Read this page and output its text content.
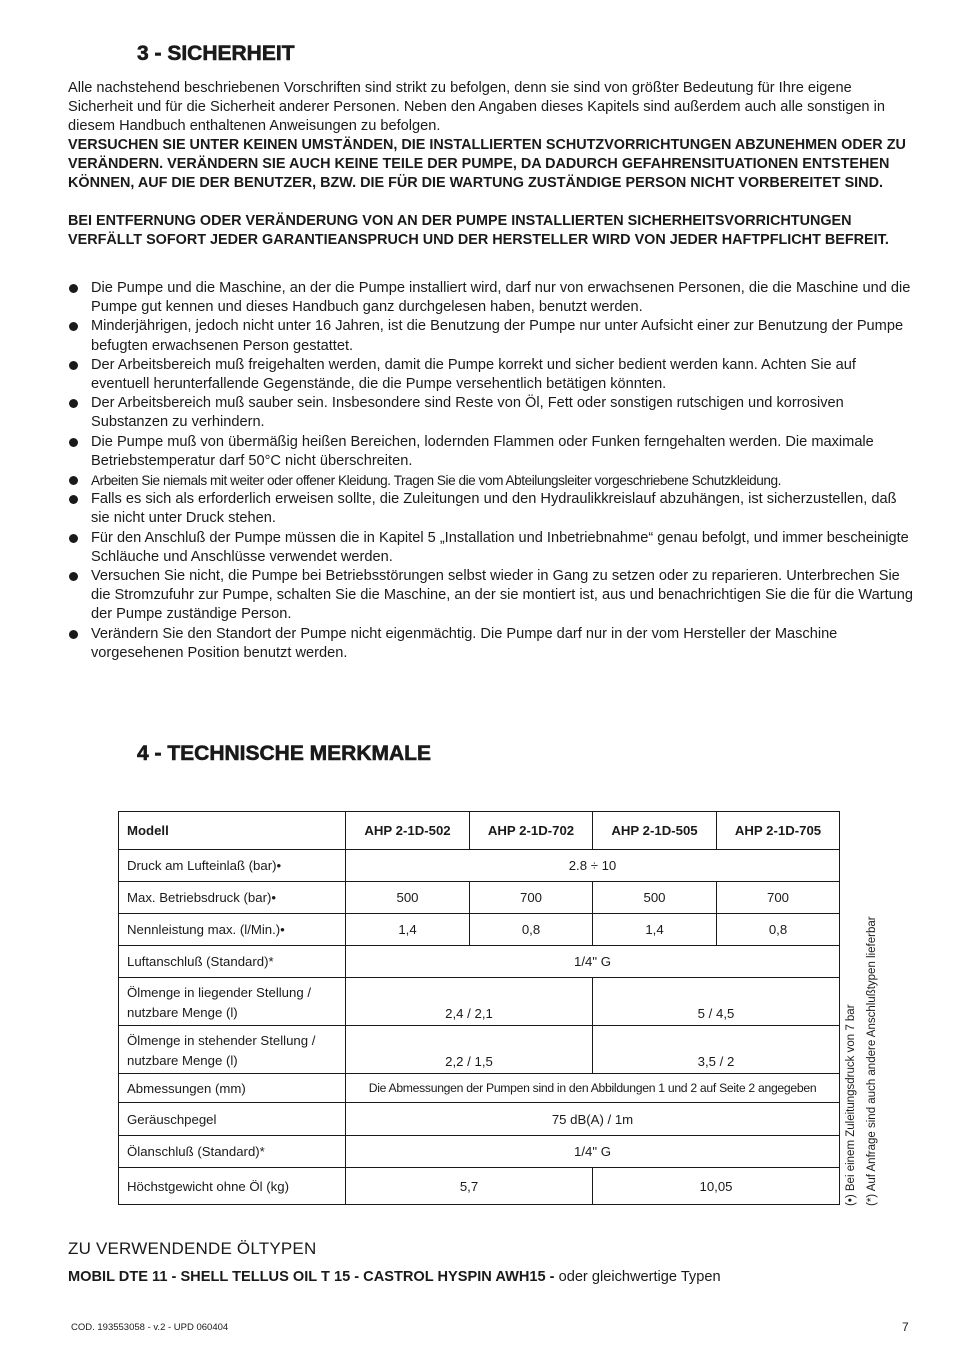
3 - SICHERHEIT

Alle nachstehend beschriebenen Vorschriften sind strikt zu befolgen, denn sie sind von größter Bedeutung für Ihre eigene Sicherheit und für die Sicherheit anderer Personen. Neben den Angaben dieses Kapitels sind außerdem auch alle sonstigen in diesem Handbuch enthaltenen Anweisungen zu befolgen.

VERSUCHEN SIE UNTER KEINEN UMSTÄNDEN, DIE INSTALLIERTEN SCHUTZVORRICHTUNGEN ABZUNEHMEN ODER ZU VERÄNDERN. VERÄNDERN SIE AUCH KEINE TEILE DER PUMPE, DA DADURCH GEFAHRENSITUATIONEN ENTSTEHEN KÖNNEN, AUF DIE DER BENUTZER, BZW. DIE FÜR DIE WARTUNG ZUSTÄNDIGE PERSON NICHT VORBEREITET SIND.

BEI ENTFERNUNG ODER VERÄNDERUNG VON AN DER PUMPE INSTALLIERTEN SICHERHEITSVORRICHTUNGEN VERFÄLLT SOFORT JEDER GARANTIEANSPRUCH UND DER HERSTELLER WIRD VON JEDER HAFTPFLICHT BEFREIT.

Die Pumpe und die Maschine, an der die Pumpe installiert wird, darf nur von erwachsenen Personen, die die Maschine und die Pumpe gut kennen und dieses Handbuch ganz durchgelesen haben, benutzt werden.
Minderjährigen, jedoch nicht unter 16 Jahren, ist die Benutzung der Pumpe nur unter Aufsicht einer zur Benutzung der Pumpe befugten erwachsenen Person gestattet.
Der Arbeitsbereich muß freigehalten werden, damit die Pumpe korrekt und sicher bedient werden kann. Achten Sie auf eventuell herunterfallende Gegenstände, die die Pumpe versehentlich betätigen könnten.
Der Arbeitsbereich muß sauber sein. Insbesondere sind Reste von Öl, Fett oder sonstigen rutschigen und korrosiven Substanzen zu verhindern.
Die Pumpe muß von übermäßig heißen Bereichen, lodernden Flammen oder Funken ferngehalten werden. Die maximale Betriebstemperatur darf 50°C nicht überschreiten.
Arbeiten Sie niemals mit weiter oder offener Kleidung. Tragen Sie die vom Abteilungsleiter vorgeschriebene Schutzkleidung.
Falls es sich als erforderlich erweisen sollte, die Zuleitungen und den Hydraulikkreislauf abzuhängen, ist sicherzustellen, daß sie nicht unter Druck stehen.
Für den Anschluß der Pumpe müssen die in Kapitel 5 „Installation und Inbetriebnahme“ genau befolgt, und immer bescheinigte Schläuche und Anschlüsse verwendet werden.
Versuchen Sie nicht, die Pumpe bei Betriebsstörungen selbst wieder in Gang zu setzen oder zu reparieren. Unterbrechen Sie die Stromzufuhr zur Pumpe, schalten Sie die Maschine, an der sie montiert ist, aus und benachrichtigen Sie die für die Wartung der Pumpe zuständige Person.
Verändern Sie den Standort der Pumpe nicht eigenmächtig. Die Pumpe darf nur in der vom Hersteller der Maschine vorgesehenen Position benutzt werden.
4 - TECHNISCHE MERKMALE
Modell	AHP 2-1D-502	AHP 2-1D-702	AHP 2-1D-505	AHP 2-1D-705
Druck am Lufteinlaß (bar)•	2.8 ÷ 10			
Max. Betriebsdruck (bar)•	500	700	500	700
Nennleistung max. (l/Min.)•	1,4	0,8	1,4	0,8
Luftanschluß (Standard)*	1/4" G			
Ölmenge in liegender Stellung / nutzbare Menge (l)	2,4 / 2,1		5 / 4,5	
Ölmenge in stehender Stellung / nutzbare Menge (l)	2,2 / 1,5		3,5 / 2	
Abmessungen (mm)	Die Abmessungen der Pumpen sind in den Abbildungen 1 und 2 auf Seite 2 angegeben			
Geräuschpegel	75 dB(A) / 1m			
Ölanschluß (Standard)*	1/4" G			
Höchstgewicht ohne Öl (kg)	5,7		10,05		(•) Bei einem Zuleitungsdruck von 7 bar (*) Auf Anfrage sind auch andere Anschlußtypen lieferbar
ZU VERWENDENDE ÖLTYPEN

MOBIL DTE 11 - SHELL TELLUS OIL T 15 - CASTROL HYSPIN AWH15 - oder gleichwertige Typen

COD. 193553058 - v.2 - UPD 060404	7
